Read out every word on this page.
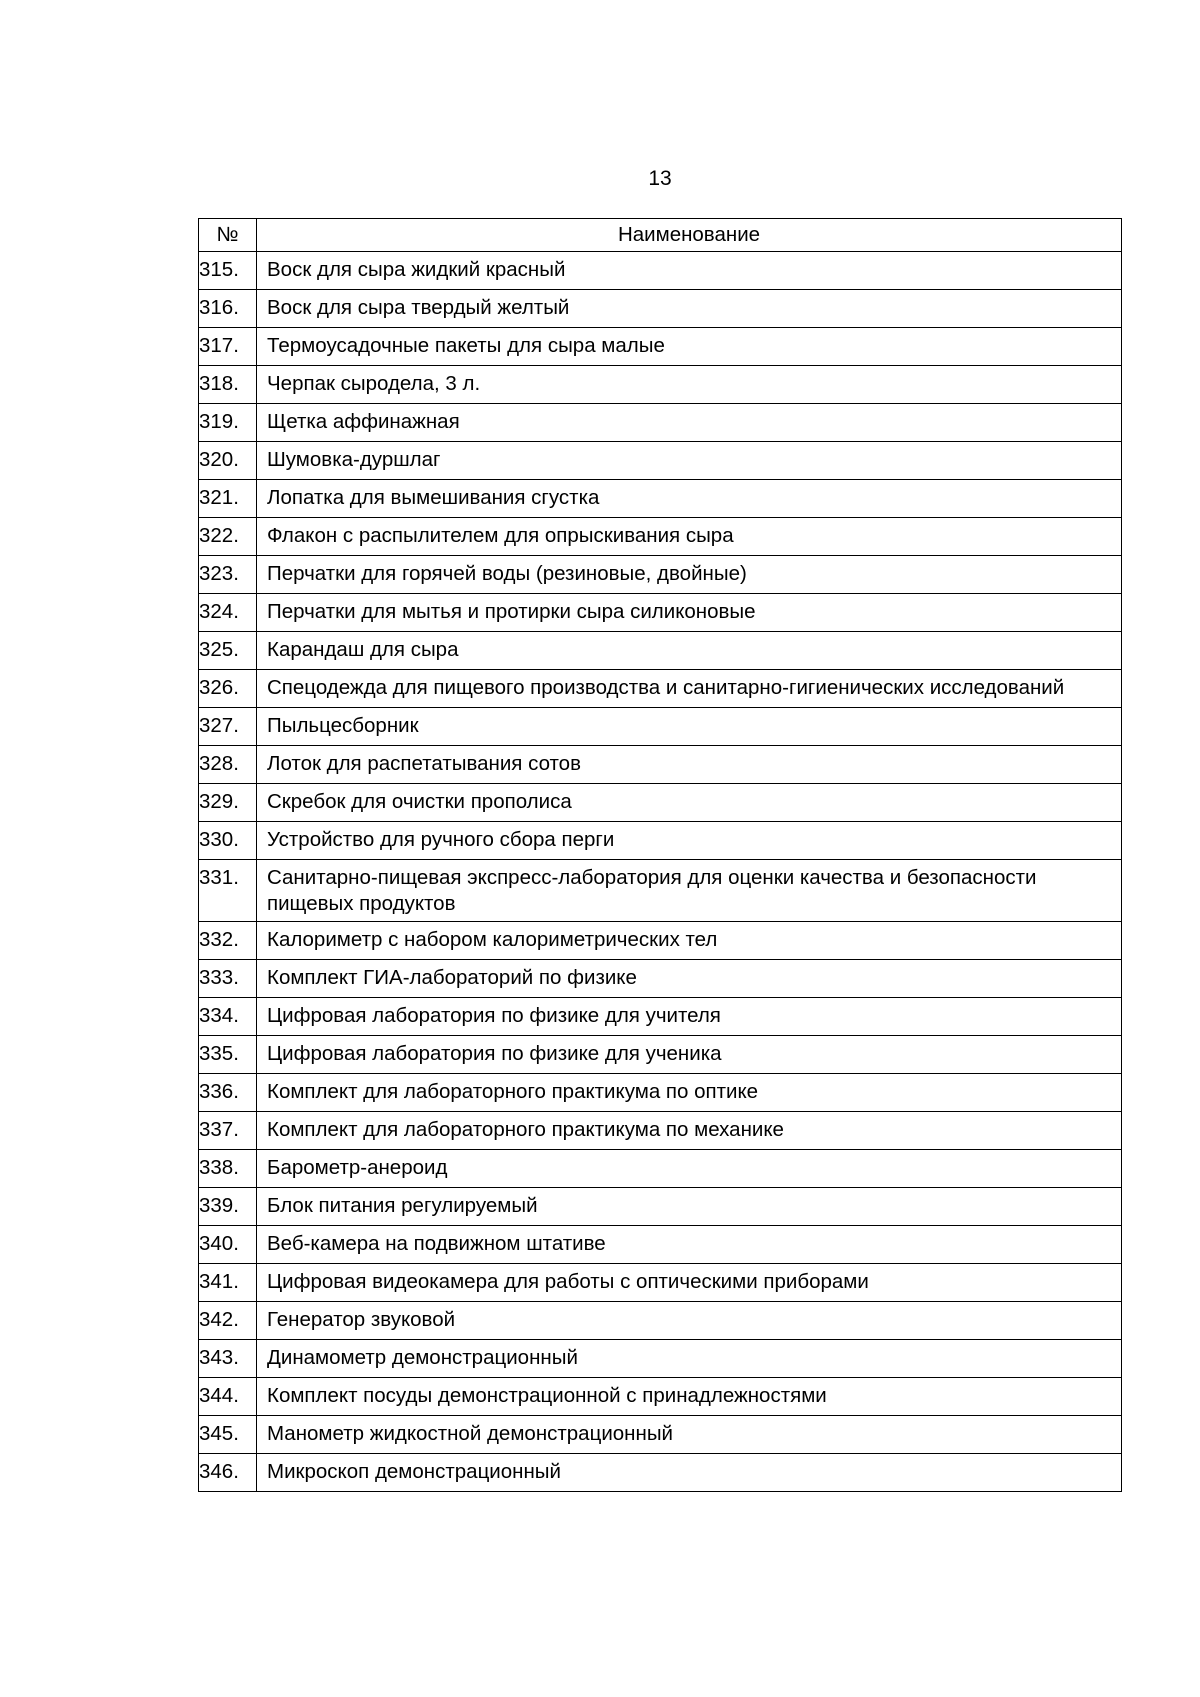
13
№	Наименование
315.	Воск для сыра жидкий красный
316.	Воск для сыра твердый желтый
317.	Термоусадочные пакеты для сыра малые
318.	Черпак сыродела, 3 л.
319.	Щетка аффинажная
320.	Шумовка-дуршлаг
321.	Лопатка для вымешивания сгустка
322.	Флакон с распылителем для опрыскивания сыра
323.	Перчатки для горячей воды (резиновые, двойные)
324.	Перчатки для мытья и протирки сыра силиконовые
325.	Карандаш для сыра
326.	Спецодежда для пищевого производства и санитарно-гигиенических исследований
327.	Пыльцесборник
328.	Лоток для распетатывания сотов
329.	Скребок для очистки прополиса
330.	Устройство для ручного сбора перги
331.	Санитарно-пищевая экспресс-лаборатория для оценки качества и безопасности пищевых продуктов
332.	Калориметр с набором калориметрических тел
333.	Комплект ГИА-лабораторий по физике
334.	Цифровая лаборатория по физике для учителя
335.	Цифровая лаборатория по физике для ученика
336.	Комплект для лабораторного практикума по оптике
337.	Комплект для лабораторного практикума по механике
338.	Барометр-анероид
339.	Блок питания регулируемый
340.	Веб-камера на подвижном штативе
341.	Цифровая видеокамера для работы с оптическими приборами
342.	Генератор звуковой
343.	Динамометр демонстрационный
344.	Комплект посуды демонстрационной с принадлежностями
345.	Манометр жидкостной демонстрационный
346.	Микроскоп демонстрационный
